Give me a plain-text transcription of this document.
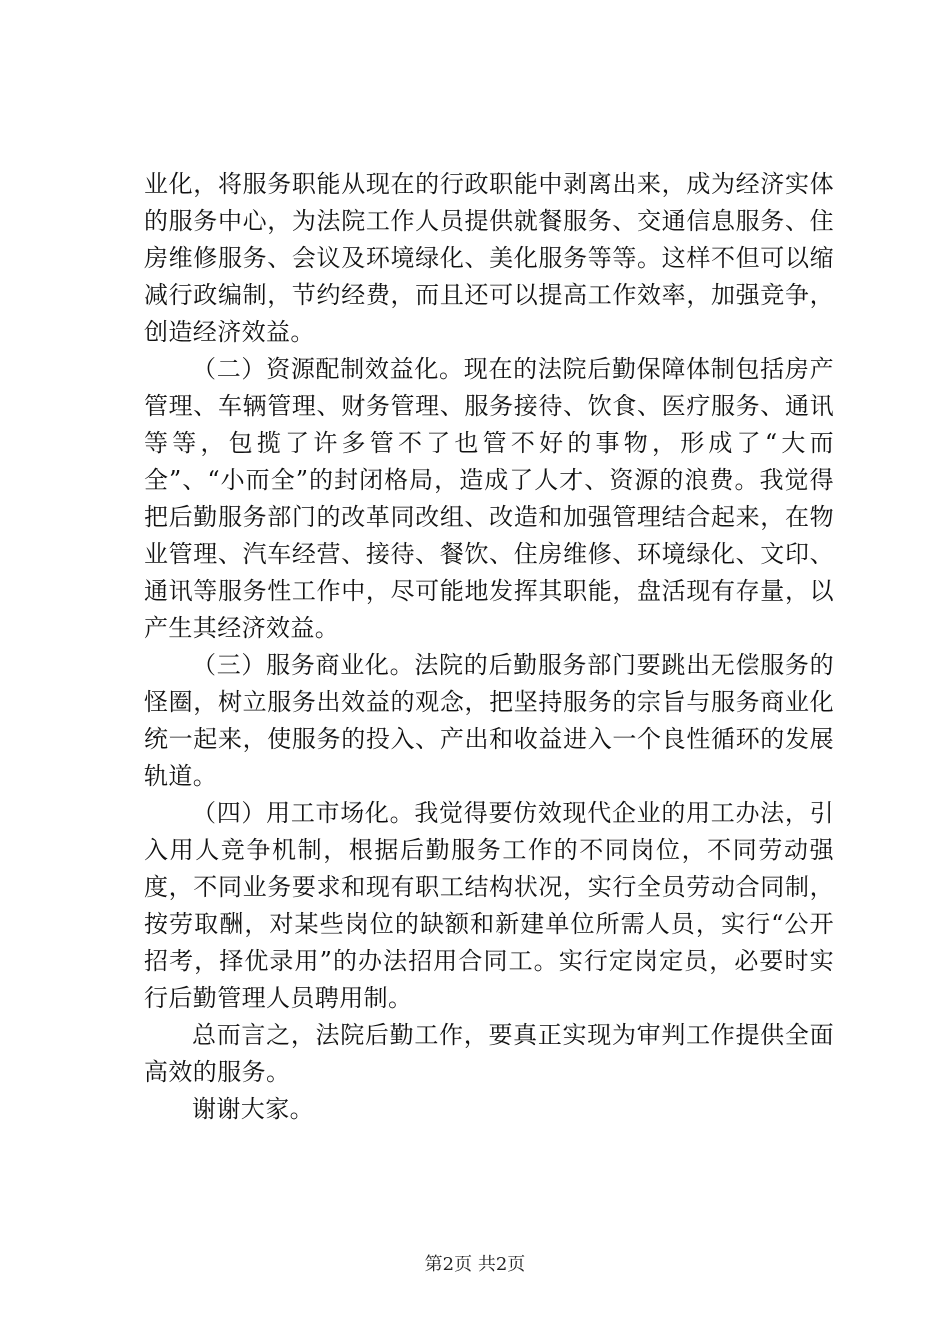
业化，将服务职能从现在的行政职能中剥离出来，成为经济实体的服务中心，为法院工作人员提供就餐服务、交通信息服务、住房维修服务、会议及环境绿化、美化服务等等。这样不但可以缩减行政编制，节约经费，而且还可以提高工作效率，加强竞争，创造经济效益。

（二）资源配制效益化。现在的法院后勤保障体制包括房产管理、车辆管理、财务管理、服务接待、饮食、医疗服务、通讯等等，包揽了许多管不了也管不好的事物，形成了“大而全”、“小而全”的封闭格局，造成了人才、资源的浪费。我觉得把后勤服务部门的改革同改组、改造和加强管理结合起来，在物业管理、汽车经营、接待、餐饮、住房维修、环境绿化、文印、通讯等服务性工作中，尽可能地发挥其职能，盘活现有存量，以产生其经济效益。

（三）服务商业化。法院的后勤服务部门要跳出无偿服务的怪圈，树立服务出效益的观念，把坚持服务的宗旨与服务商业化统一起来，使服务的投入、产出和收益进入一个良性循环的发展轨道。

（四）用工市场化。我觉得要仿效现代企业的用工办法，引入用人竞争机制，根据后勤服务工作的不同岗位，不同劳动强度，不同业务要求和现有职工结构状况，实行全员劳动合同制，按劳取酬，对某些岗位的缺额和新建单位所需人员，实行“公开招考，择优录用”的办法招用合同工。实行定岗定员，必要时实行后勤管理人员聘用制。

总而言之，法院后勤工作，要真正实现为审判工作提供全面高效的服务。

谢谢大家。

第2页 共2页
